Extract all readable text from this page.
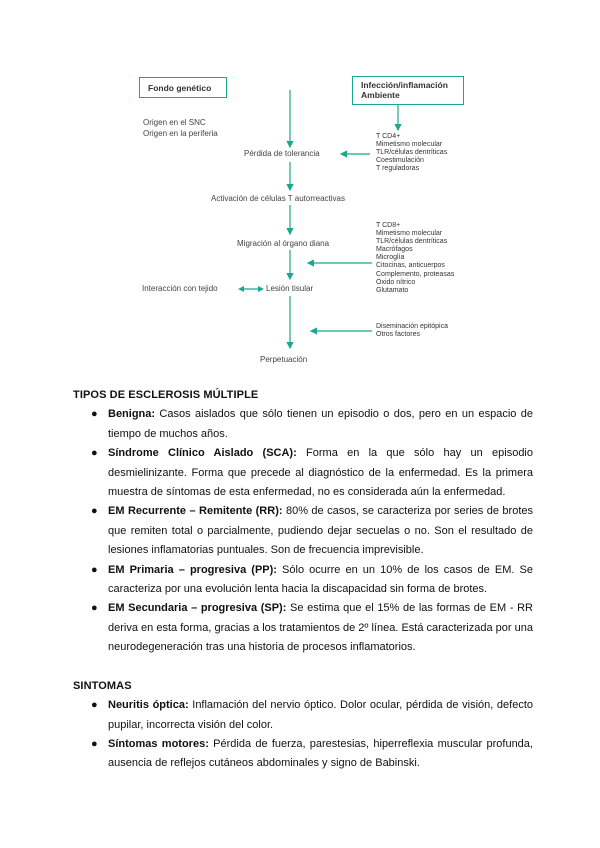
Fondo genético	Infección/inflamación
Ambiente
Origen en el SNC
Origen en la periferia
Pérdida de tolerancia
Activación de células T autorreactivas
Migración al órgano diana
Interacción con tejido	Lesión tisular
Perpetuación
T CD4+
Mimetismo molecular
TLR/células dentríticas
Coestimulación
T reguladoras
T CD8+
Mimetismo molecular
TLR/células dentríticas
Macrófagos
Microglía
Citocinas, anticuerpos
Complemento, proteasas
Óxido nítrico
Glutamato
Diseminación epitópica
Otros factores
TIPOS DE ESCLEROSIS MÚLTIPLE
● Benigna: Casos aislados que sólo tienen un episodio o dos, pero en un espacio de tiempo de muchos años.
● Síndrome Clínico Aislado (SCA): Forma en la que sólo hay un episodio desmielinizante. Forma que precede al diagnóstico de la enfermedad. Es la primera muestra de síntomas de esta enfermedad, no es considerada aún la enfermedad.
● EM Recurrente – Remitente (RR): 80% de casos, se caracteriza por series de brotes que remiten total o parcialmente, pudiendo dejar secuelas o no. Son el resultado de lesiones inflamatorias puntuales. Son de frecuencia imprevisible.
● EM Primaria – progresiva (PP): Sólo ocurre en un 10% de los casos de EM. Se caracteriza por una evolución lenta hacia la discapacidad sin forma de brotes.
● EM Secundaria – progresiva (SP): Se estima que el 15% de las formas de EM - RR deriva en esta forma, gracias a los tratamientos de 2º línea. Está caracterizada por una neurodegeneración tras una historia de procesos inflamatorios.
SINTOMAS
● Neuritis óptica: Inflamación del nervio óptico. Dolor ocular, pérdida de visión, defecto pupilar, incorrecta visión del color.
● Síntomas motores: Pérdida de fuerza, parestesias, hiperreflexia muscular profunda, ausencia de reflejos cutáneos abdominales y signo de Babinski.
